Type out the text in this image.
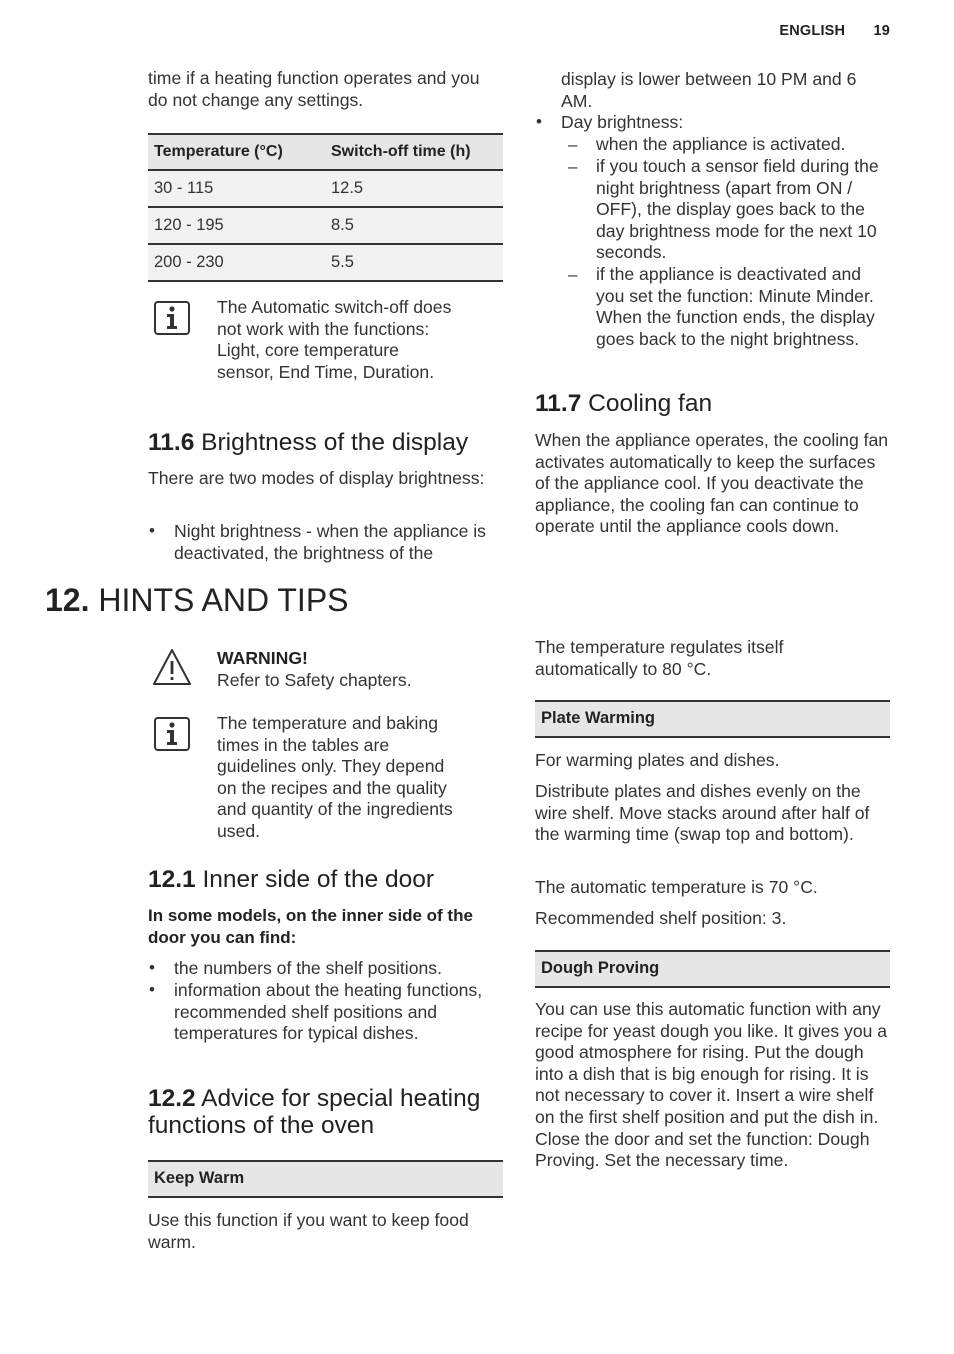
ENGLISH 19
time if a heating function operates and you do not change any settings.
Temperature (°C)	Switch-off time (h)
30 - 115	12.5
120 - 195	8.5
200 - 230	5.5
The Automatic switch-off does not work with the functions: Light, core temperature sensor, End Time, Duration.
11.6 Brightness of the display
There are two modes of display brightness:
• Night brightness - when the appliance is deactivated, the brightness of the
display is lower between 10 PM and 6 AM.
• Day brightness:
– when the appliance is activated.
– if you touch a sensor field during the night brightness (apart from ON / OFF), the display goes back to the day brightness mode for the next 10 seconds.
– if the appliance is deactivated and you set the function: Minute Minder. When the function ends, the display goes back to the night brightness.
11.7 Cooling fan
When the appliance operates, the cooling fan activates automatically to keep the surfaces of the appliance cool. If you deactivate the appliance, the cooling fan can continue to operate until the appliance cools down.
12. HINTS AND TIPS
WARNING!
Refer to Safety chapters.
The temperature and baking times in the tables are guidelines only. They depend on the recipes and the quality and quantity of the ingredients used.
12.1 Inner side of the door
In some models, on the inner side of the door you can find:
• the numbers of the shelf positions.
• information about the heating functions, recommended shelf positions and temperatures for typical dishes.
12.2 Advice for special heating functions of the oven
Keep Warm
Use this function if you want to keep food warm.
The temperature regulates itself automatically to 80 °C.
Plate Warming
For warming plates and dishes.
Distribute plates and dishes evenly on the wire shelf. Move stacks around after half of the warming time (swap top and bottom).
The automatic temperature is 70 °C.
Recommended shelf position: 3.
Dough Proving
You can use this automatic function with any recipe for yeast dough you like. It gives you a good atmosphere for rising. Put the dough into a dish that is big enough for rising. It is not necessary to cover it. Insert a wire shelf on the first shelf position and put the dish in. Close the door and set the function: Dough Proving. Set the necessary time.
